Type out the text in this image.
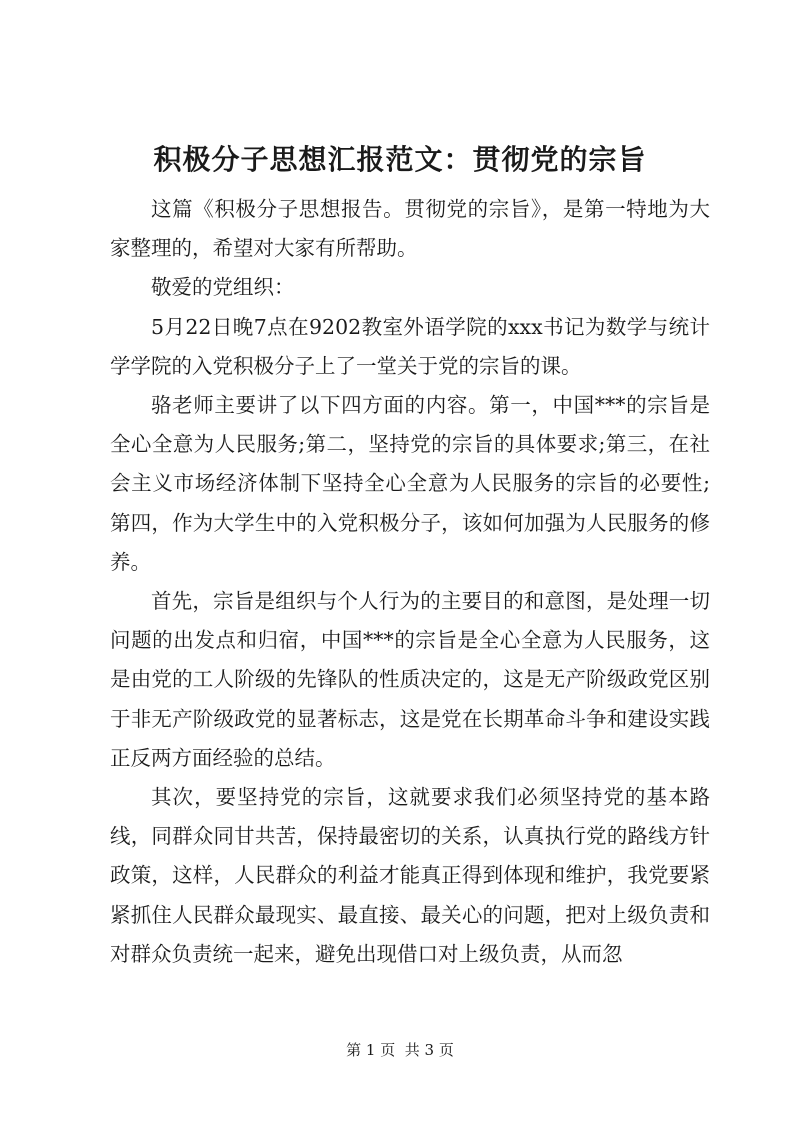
积极分子思想汇报范文：贯彻党的宗旨

这篇《积极分子思想报告。贯彻党的宗旨》，是第一特地为大家整理的，希望对大家有所帮助。

敬爱的党组织：

5月22日晚7点在9202教室外语学院的xxx书记为数学与统计学学院的入党积极分子上了一堂关于党的宗旨的课。

骆老师主要讲了以下四方面的内容。第一，中国***的宗旨是全心全意为人民服务;第二，坚持党的宗旨的具体要求;第三，在社会主义市场经济体制下坚持全心全意为人民服务的宗旨的必要性;第四，作为大学生中的入党积极分子，该如何加强为人民服务的修养。

首先，宗旨是组织与个人行为的主要目的和意图，是处理一切问题的出发点和归宿，中国***的宗旨是全心全意为人民服务，这是由党的工人阶级的先锋队的性质决定的，这是无产阶级政党区别于非无产阶级政党的显著标志，这是党在长期革命斗争和建设实践正反两方面经验的总结。

其次，要坚持党的宗旨，这就要求我们必须坚持党的基本路线，同群众同甘共苦，保持最密切的关系，认真执行党的路线方针政策，这样，人民群众的利益才能真正得到体现和维护，我党要紧紧抓住人民群众最现实、最直接、最关心的问题，把对上级负责和对群众负责统一起来，避免出现借口对上级负责，从而忽

第 1 页  共 3 页
